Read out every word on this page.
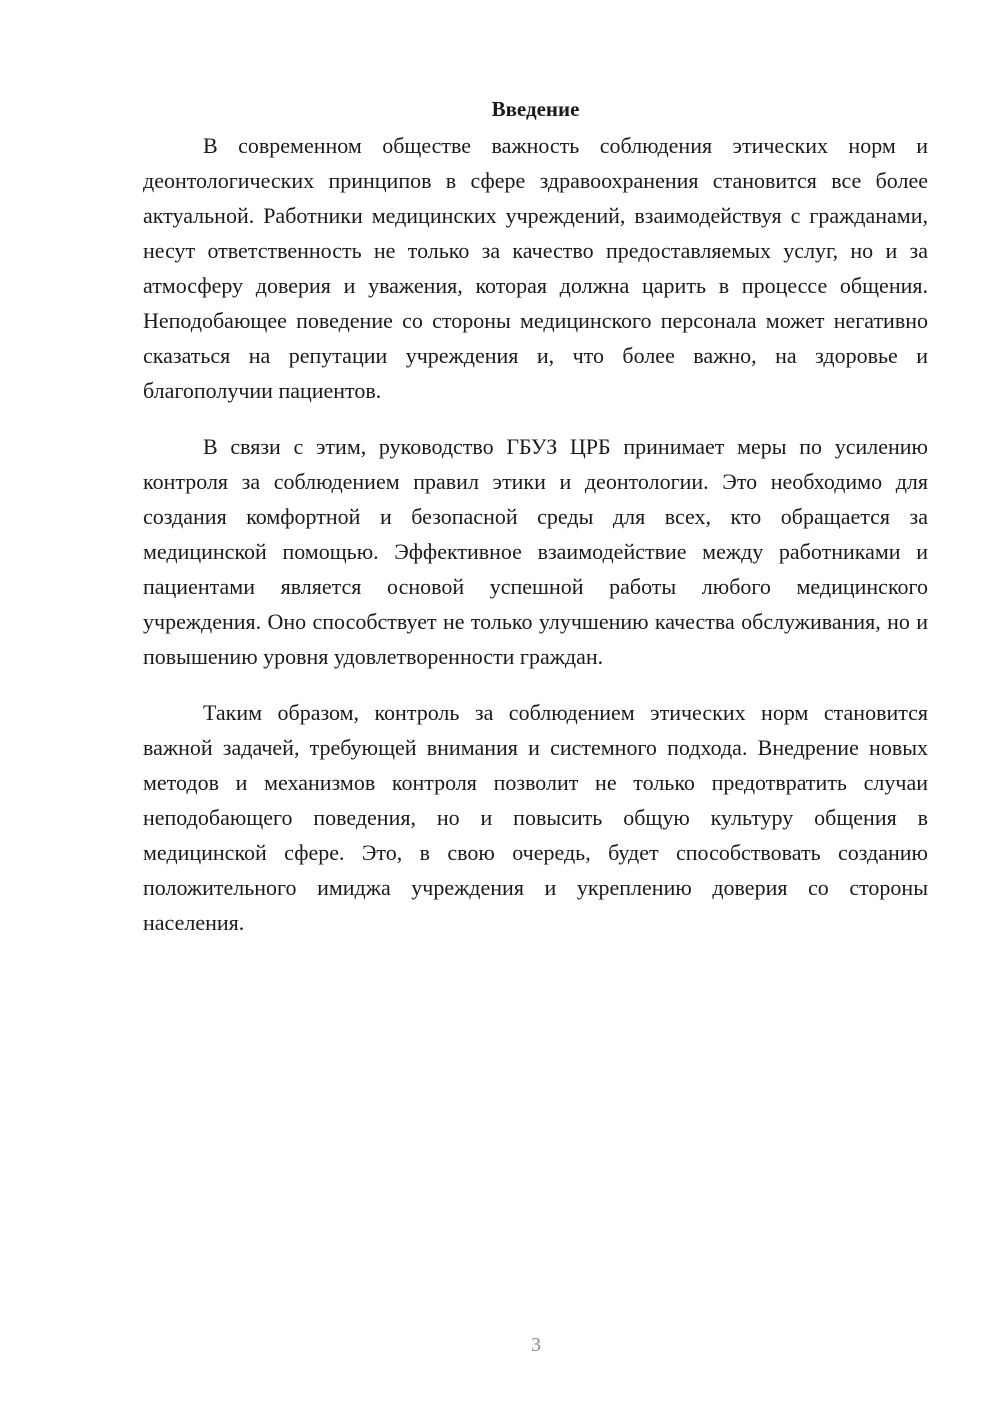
Введение

В современном обществе важность соблюдения этических норм и деонтологических принципов в сфере здравоохранения становится все более актуальной. Работники медицинских учреждений, взаимодействуя с гражданами, несут ответственность не только за качество предоставляемых услуг, но и за атмосферу доверия и уважения, которая должна царить в процессе общения. Неподобающее поведение со стороны медицинского персонала может негативно сказаться на репутации учреждения и, что более важно, на здоровье и благополучии пациентов.

В связи с этим, руководство ГБУЗ ЦРБ принимает меры по усилению контроля за соблюдением правил этики и деонтологии. Это необходимо для создания комфортной и безопасной среды для всех, кто обращается за медицинской помощью. Эффективное взаимодействие между работниками и пациентами является основой успешной работы любого медицинского учреждения. Оно способствует не только улучшению качества обслуживания, но и повышению уровня удовлетворенности граждан.

Таким образом, контроль за соблюдением этических норм становится важной задачей, требующей внимания и системного подхода. Внедрение новых методов и механизмов контроля позволит не только предотвратить случаи неподобающего поведения, но и повысить общую культуру общения в медицинской сфере. Это, в свою очередь, будет способствовать созданию положительного имиджа учреждения и укреплению доверия со стороны населения.

3
